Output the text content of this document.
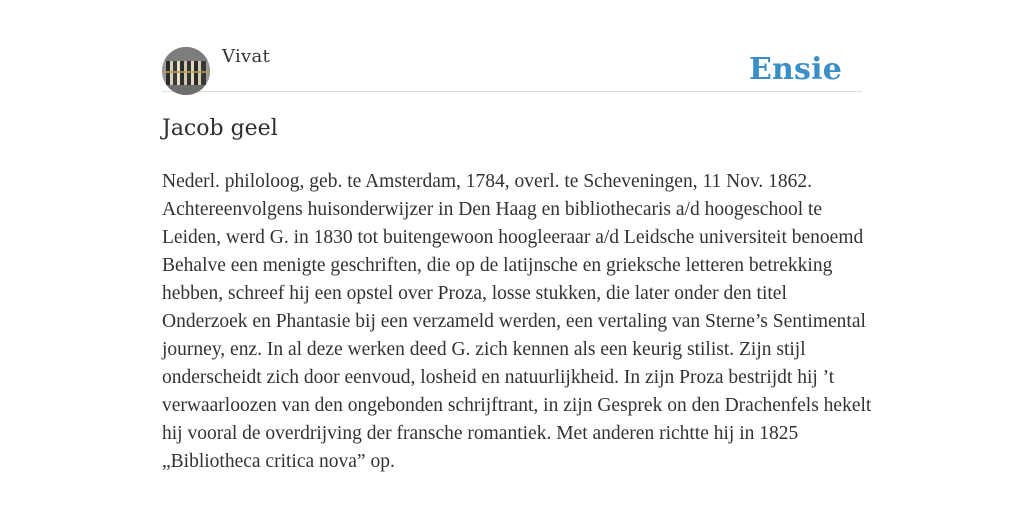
Vivat	Ensie
Jacob geel

Nederl. philoloog, geb. te Amsterdam, 1784, overl. te Scheveningen, 11 Nov. 1862. Achtereenvolgens huisonderwijzer in Den Haag en bibliothecaris a/d hoogeschool te Leiden, werd G. in 1830 tot buitengewoon hoogleeraar a/d Leidsche universiteit benoemd Behalve een menigte geschriften, die op de latijnsche en grieksche letteren betrekking hebben, schreef hij een opstel over Proza, losse stukken, die later onder den titel Onderzoek en Phantasie bij een verzameld werden, een vertaling van Sterne’s Sentimental journey, enz. In al deze werken deed G. zich kennen als een keurig stilist. Zijn stijl onderscheidt zich door eenvoud, losheid en natuurlijkheid. In zijn Proza bestrijdt hij ’t verwaarloozen van den ongebonden schrijftrant, in zijn Gesprek on den Drachenfels hekelt hij vooral de overdrijving der fransche romantiek. Met anderen richtte hij in 1825 „Bibliotheca critica nova” op.
